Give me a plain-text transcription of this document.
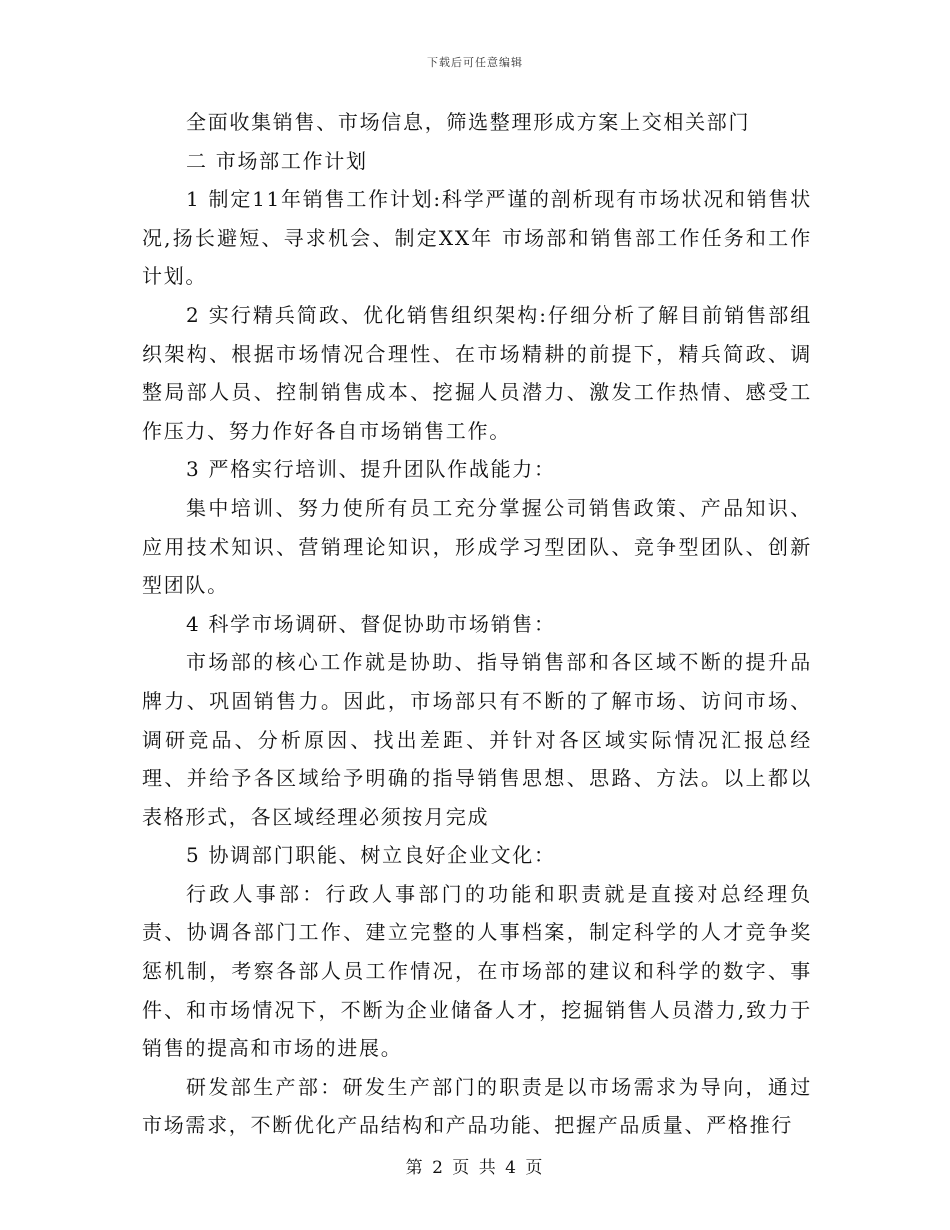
下载后可任意编辑

全面收集销售、市场信息，筛选整理形成方案上交相关部门

二 市场部工作计划

1 制定11年销售工作计划:科学严谨的剖析现有市场状况和销售状况,扬长避短、寻求机会、制定XX年 市场部和销售部工作任务和工作计划。

2 实行精兵简政、优化销售组织架构:仔细分析了解目前销售部组织架构、根据市场情况合理性、在市场精耕的前提下，精兵简政、调整局部人员、控制销售成本、挖掘人员潜力、激发工作热情、感受工作压力、努力作好各自市场销售工作。

3 严格实行培训、提升团队作战能力：

集中培训、努力使所有员工充分掌握公司销售政策、产品知识、应用技术知识、营销理论知识，形成学习型团队、竞争型团队、创新型团队。

4 科学市场调研、督促协助市场销售：

市场部的核心工作就是协助、指导销售部和各区域不断的提升品牌力、巩固销售力。因此，市场部只有不断的了解市场、访问市场、调研竞品、分析原因、找出差距、并针对各区域实际情况汇报总经理、并给予各区域给予明确的指导销售思想、思路、方法。以上都以表格形式，各区域经理必须按月完成

5 协调部门职能、树立良好企业文化：

行政人事部：行政人事部门的功能和职责就是直接对总经理负责、协调各部门工作、建立完整的人事档案，制定科学的人才竞争奖惩机制，考察各部人员工作情况，在市场部的建议和科学的数字、事件、和市场情况下，不断为企业储备人才，挖掘销售人员潜力,致力于销售的提高和市场的进展。

研发部生产部：研发生产部门的职责是以市场需求为导向，通过市场需求，不断优化产品结构和产品功能、把握产品质量、严格推行

第 2 页 共 4 页
